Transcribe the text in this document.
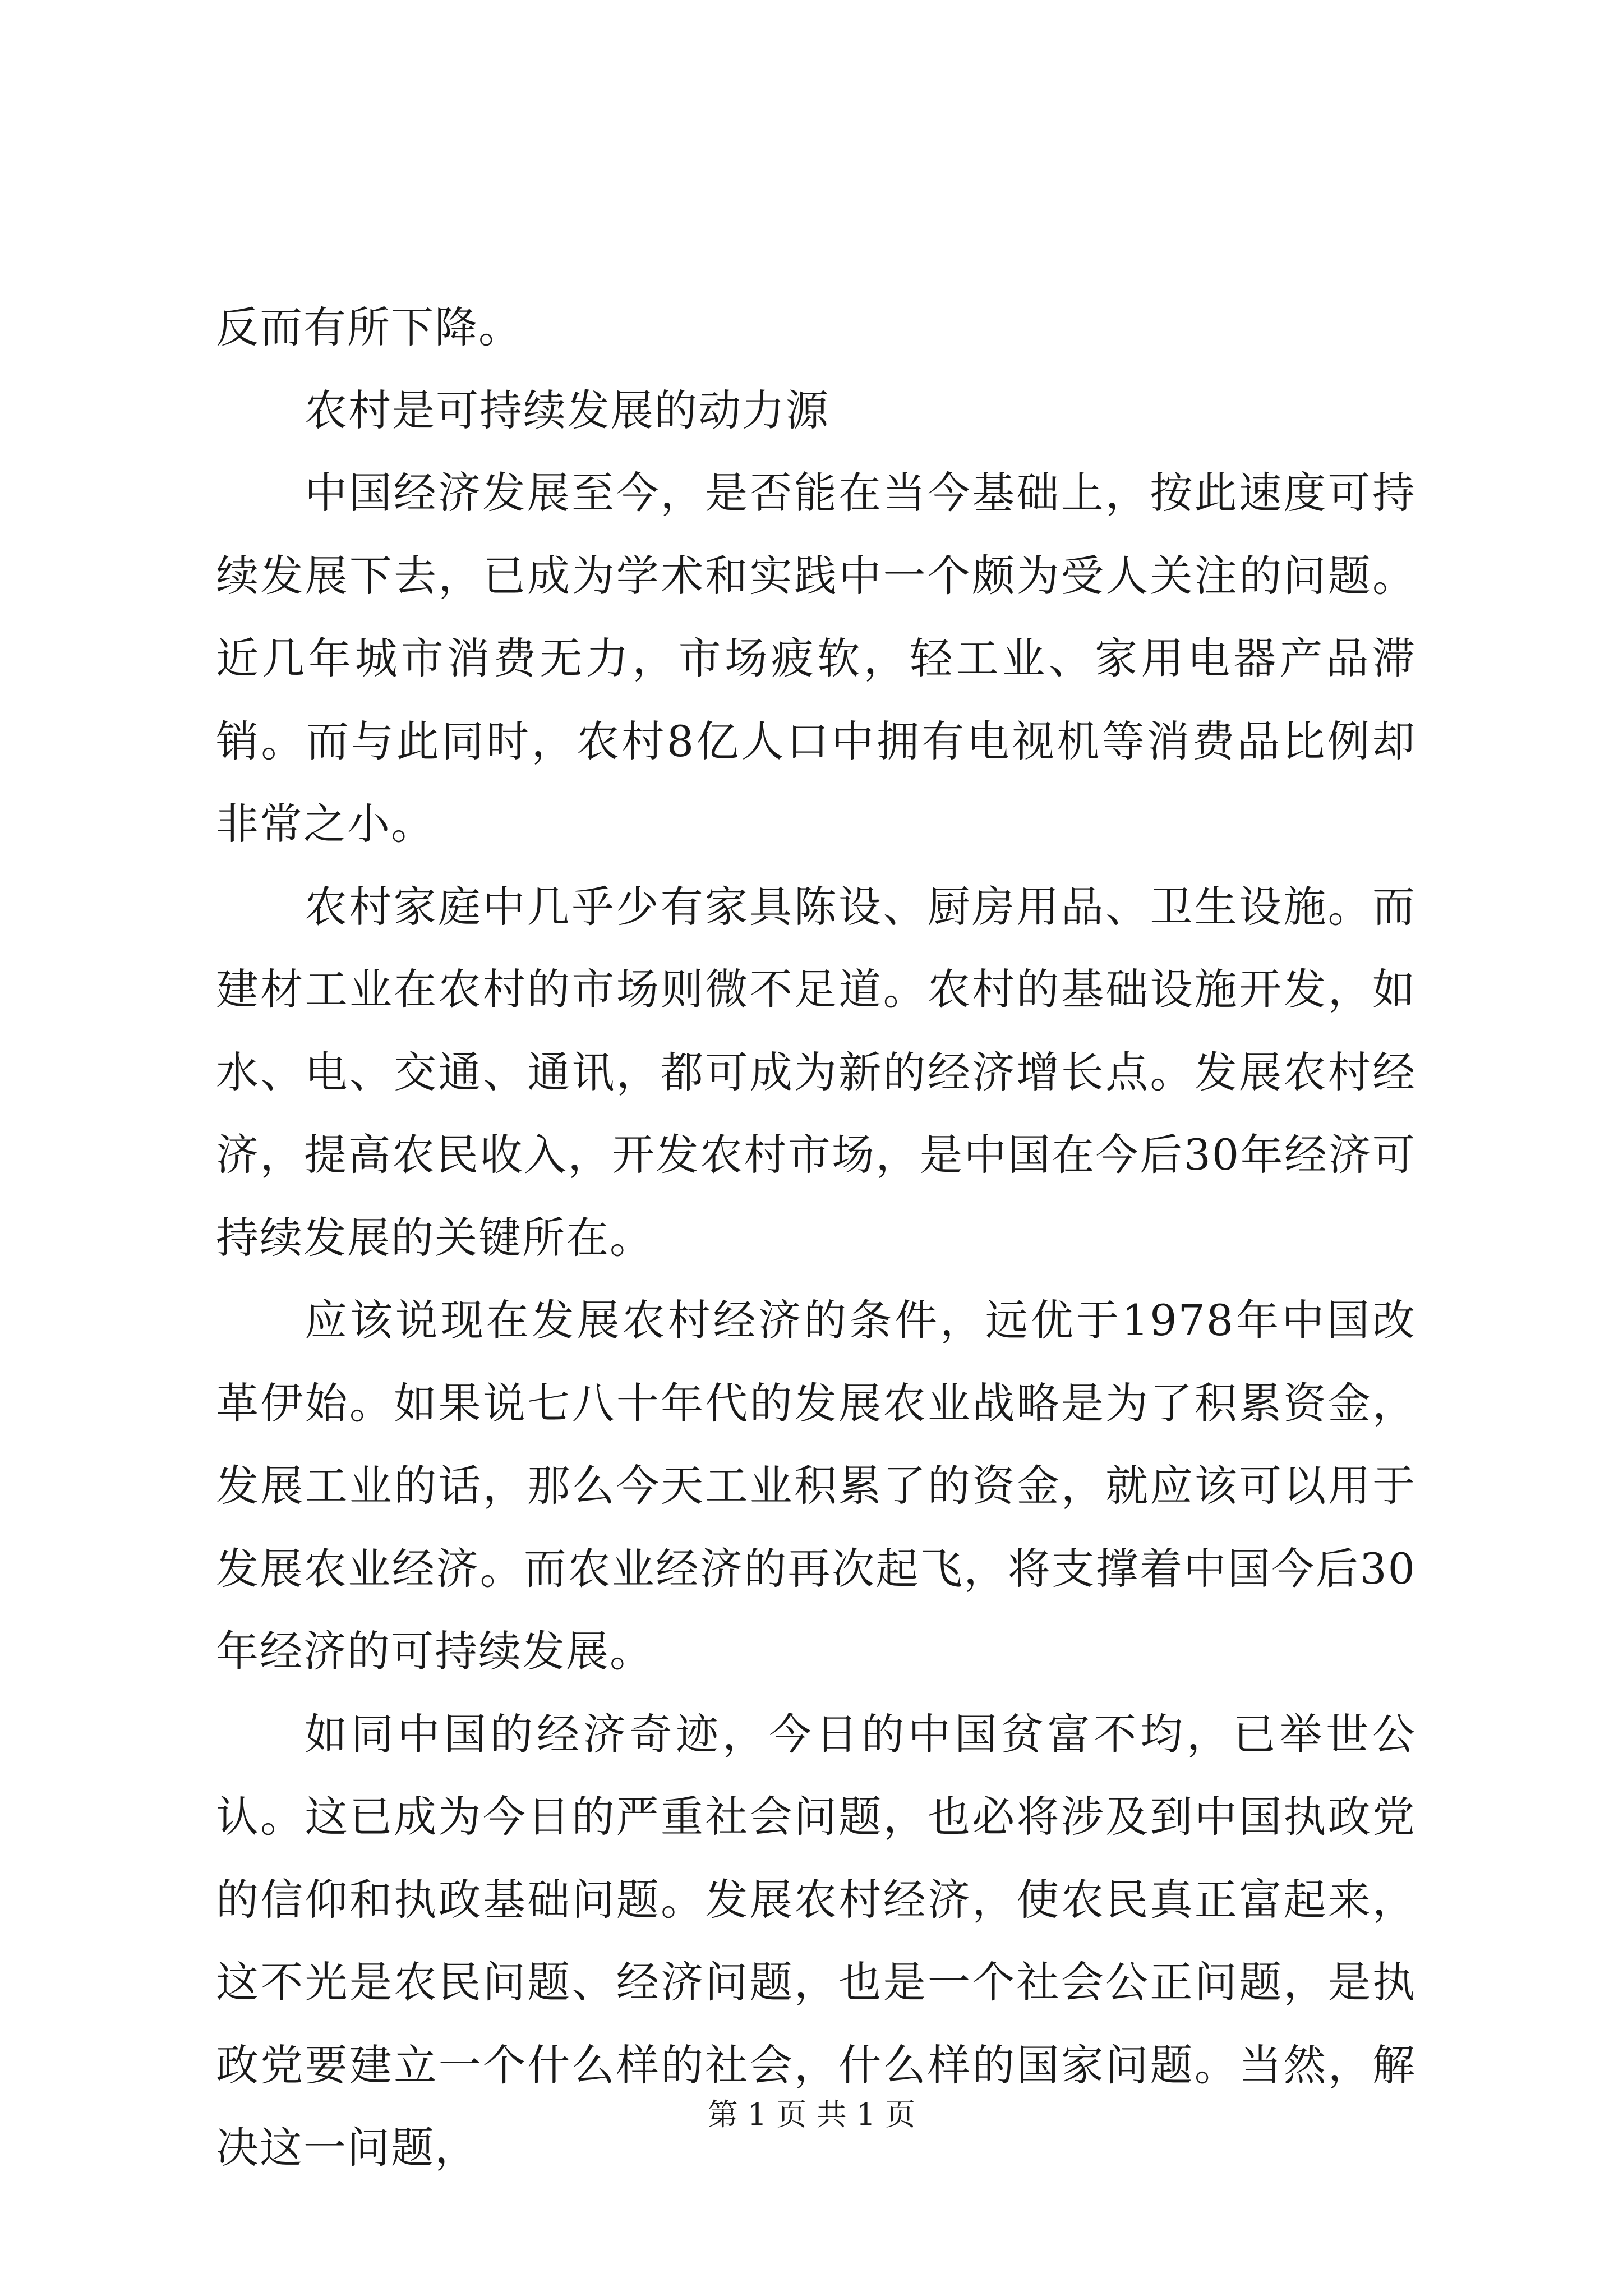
反而有所下降。

农村是可持续发展的动力源

中国经济发展至今，是否能在当今基础上，按此速度可持续发展下去，已成为学术和实践中一个颇为受人关注的问题。近几年城市消费无力，市场疲软，轻工业、家用电器产品滞销。而与此同时，农村8亿人口中拥有电视机等消费品比例却非常之小。

农村家庭中几乎少有家具陈设、厨房用品、卫生设施。而建材工业在农村的市场则微不足道。农村的基础设施开发，如水、电、交通、通讯，都可成为新的经济增长点。发展农村经济，提高农民收入，开发农村市场，是中国在今后30年经济可持续发展的关键所在。

应该说现在发展农村经济的条件，远优于1978年中国改革伊始。如果说七八十年代的发展农业战略是为了积累资金，发展工业的话，那么今天工业积累了的资金，就应该可以用于发展农业经济。而农业经济的再次起飞，将支撑着中国今后30年经济的可持续发展。

如同中国的经济奇迹，今日的中国贫富不均，已举世公认。这已成为今日的严重社会问题，也必将涉及到中国执政党的信仰和执政基础问题。发展农村经济，使农民真正富起来，这不光是农民问题、经济问题，也是一个社会公正问题，是执政党要建立一个什么样的社会，什么样的国家问题。当然，解决这一问题，

第 1 页 共 1 页
